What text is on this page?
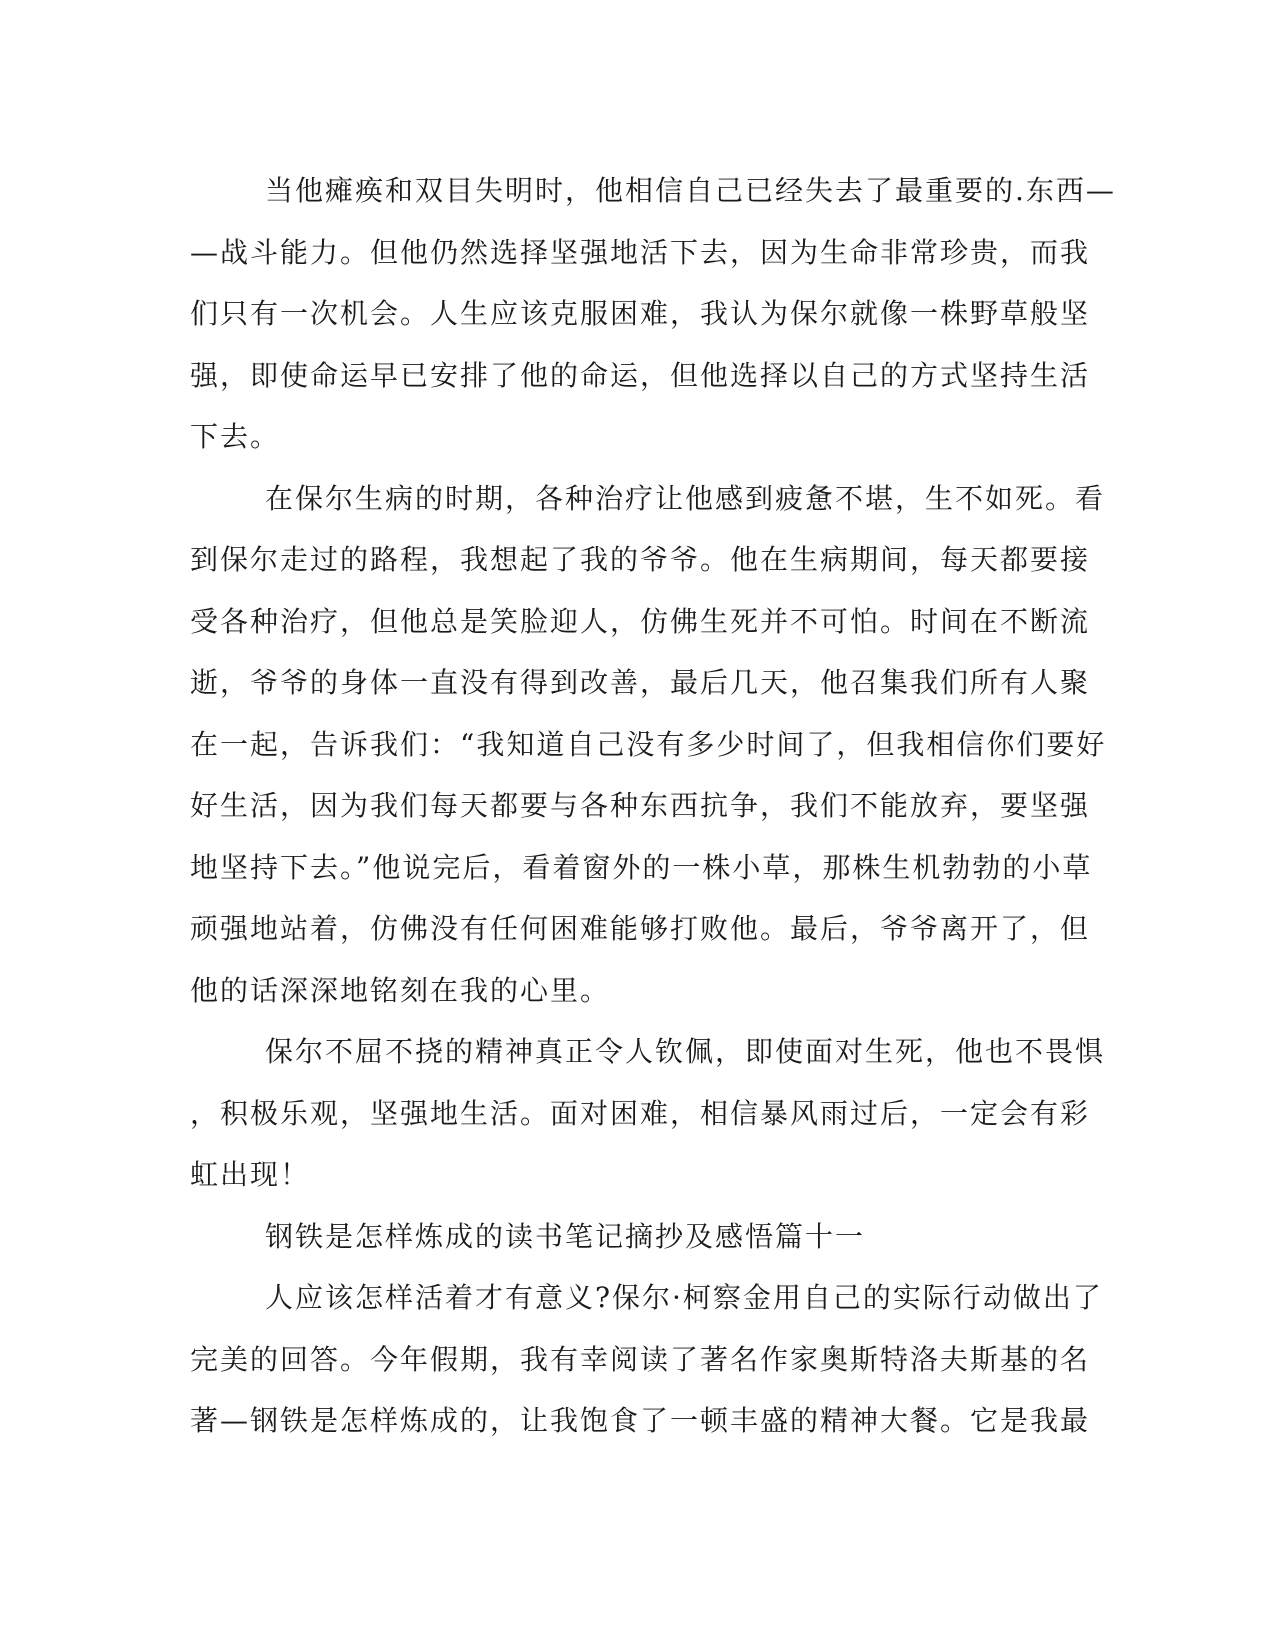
当他瘫痪和双目失明时，他相信自己已经失去了最重要的.东西—
—战斗能力。但他仍然选择坚强地活下去，因为生命非常珍贵，而我
们只有一次机会。人生应该克服困难，我认为保尔就像一株野草般坚
强，即使命运早已安排了他的命运，但他选择以自己的方式坚持生活
下去。
在保尔生病的时期，各种治疗让他感到疲惫不堪，生不如死。看
到保尔走过的路程，我想起了我的爷爷。他在生病期间，每天都要接
受各种治疗，但他总是笑脸迎人，仿佛生死并不可怕。时间在不断流
逝，爷爷的身体一直没有得到改善，最后几天，他召集我们所有人聚
在一起，告诉我们：“我知道自己没有多少时间了，但我相信你们要好
好生活，因为我们每天都要与各种东西抗争，我们不能放弃，要坚强
地坚持下去。”他说完后，看着窗外的一株小草，那株生机勃勃的小草
顽强地站着，仿佛没有任何困难能够打败他。最后，爷爷离开了，但
他的话深深地铭刻在我的心里。
保尔不屈不挠的精神真正令人钦佩，即使面对生死，他也不畏惧
，积极乐观，坚强地生活。面对困难，相信暴风雨过后，一定会有彩
虹出现！
钢铁是怎样炼成的读书笔记摘抄及感悟篇十一
人应该怎样活着才有意义?保尔·柯察金用自己的实际行动做出了
完美的回答。今年假期，我有幸阅读了著名作家奥斯特洛夫斯基的名
著—钢铁是怎样炼成的，让我饱食了一顿丰盛的精神大餐。它是我最
